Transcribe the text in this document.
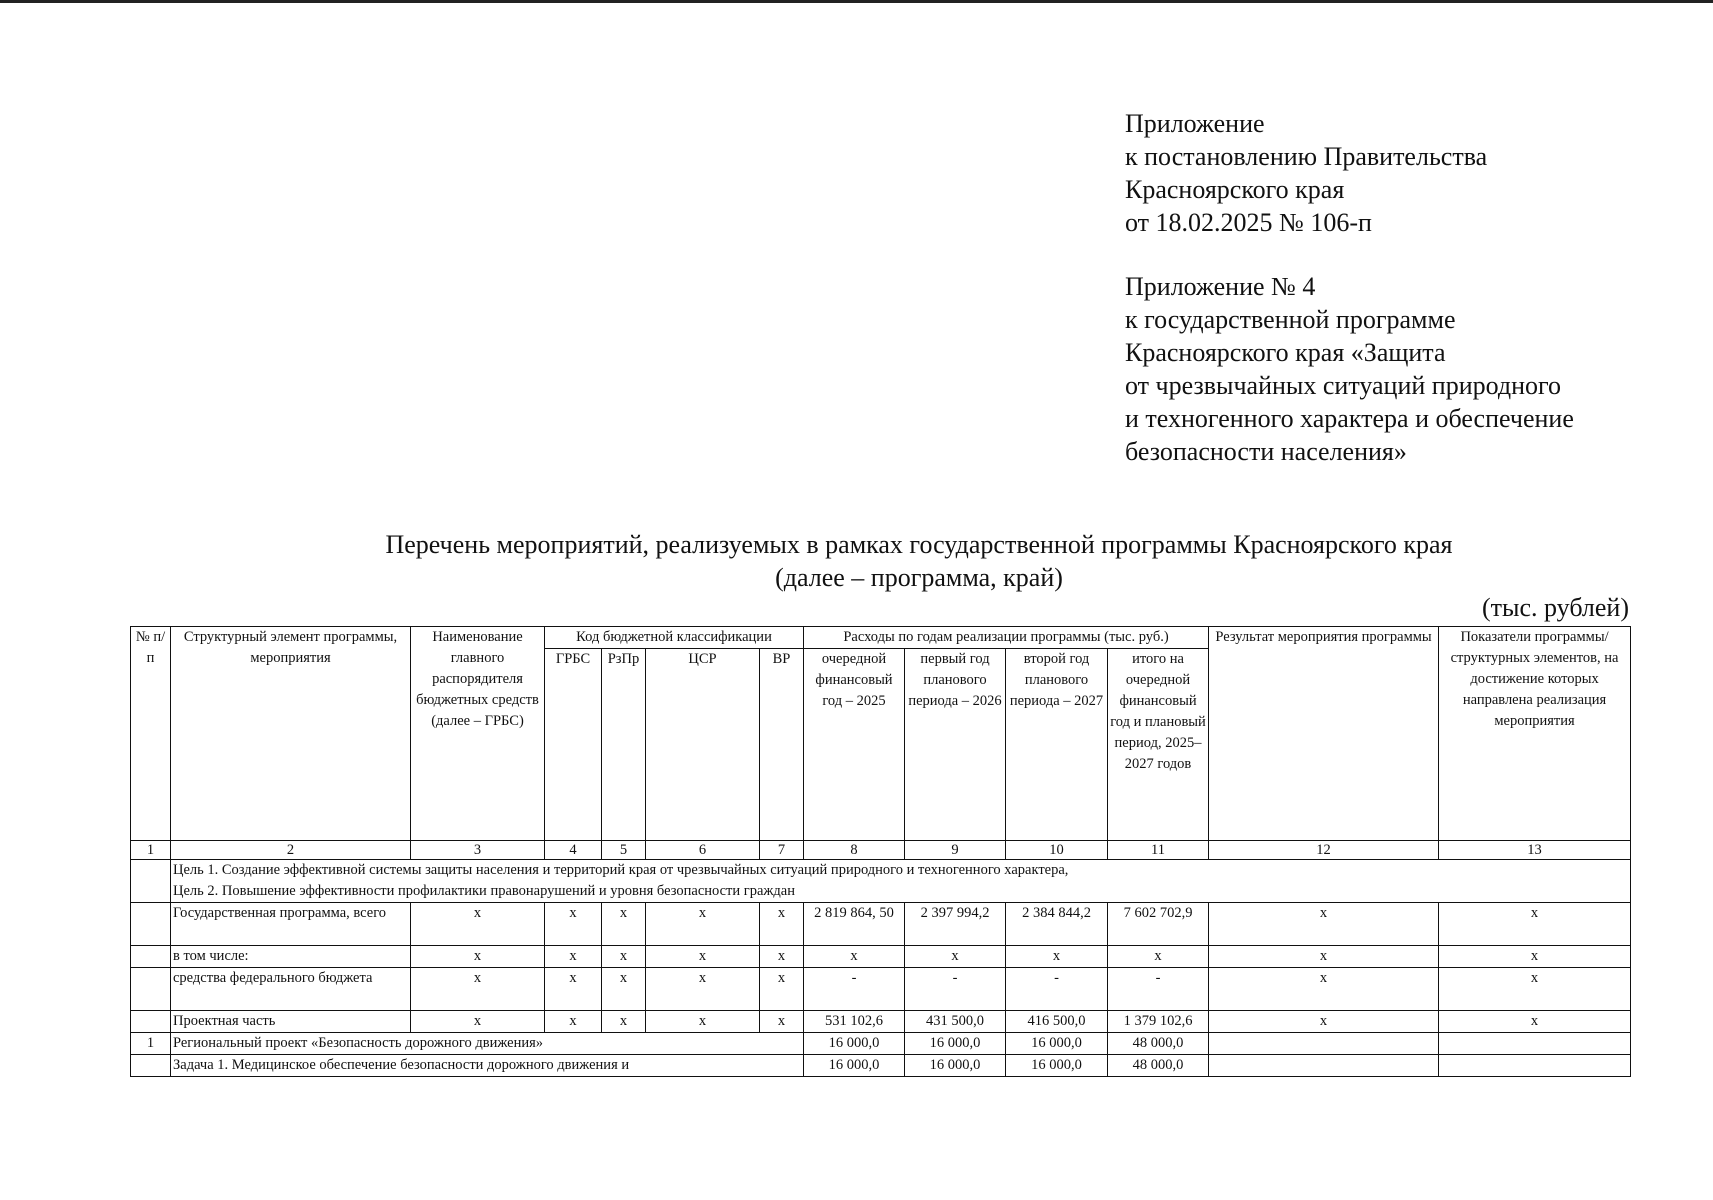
Приложение
к постановлению Правительства
Красноярского края
от 18.02.2025 № 106-п
Приложение № 4
к государственной программе
Красноярского края «Защита
от чрезвычайных ситуаций природного
и техногенного характера и обеспечение
безопасности населения»
Перечень мероприятий, реализуемых в рамках государственной программы Красноярского края
(далее – программа, край)
(тыс. рублей)
№ п/п	Структурный элемент программы, мероприятия	Наименование главного распорядителя бюджетных средств (далее – ГРБС)	Код бюджетной классификации				Расходы по годам реализации программы (тыс. руб.)				Результат мероприятия программы	Показатели программы/ структурных элементов, на достижение которых направлена реализация мероприятия
			ГРБС	РзПр	ЦСР	ВР	очередной финансовый год – 2025	первый год планового периода – 2026	второй год планового периода – 2027	итого на очередной финансовый год и плановый период, 2025–2027 годов		
1	2	3	4	5	6	7	8	9	10	11	12	13

	Цель 1. Создание эффективной системы защиты населения и территорий края от чрезвычайных ситуаций природного и техногенного характера,
Цель 2. Повышение эффективности профилактики правонарушений и уровня безопасности граждан											

	Государственная программа, всего	х	х	х	х	х	2 819 864, 50	2 397 994,2	2 384 844,2	7 602 702,9	х	х
	в том числе:	х	х	х	х	х	х	х	х	х	х	х
	средства федерального бюджета	х	х	х	х	х	-	-	-	-	х	х
	Проектная часть	х	х	х	х	х	531 102,6	431 500,0	416 500,0	1 379 102,6	х	х
1	Региональный проект «Безопасность дорожного движения»						16 000,0	16 000,0	16 000,0	48 000,0		
	Задача 1. Медицинское обеспечение безопасности дорожного движения и						16 000,0	16 000,0	16 000,0	48 000,0		
